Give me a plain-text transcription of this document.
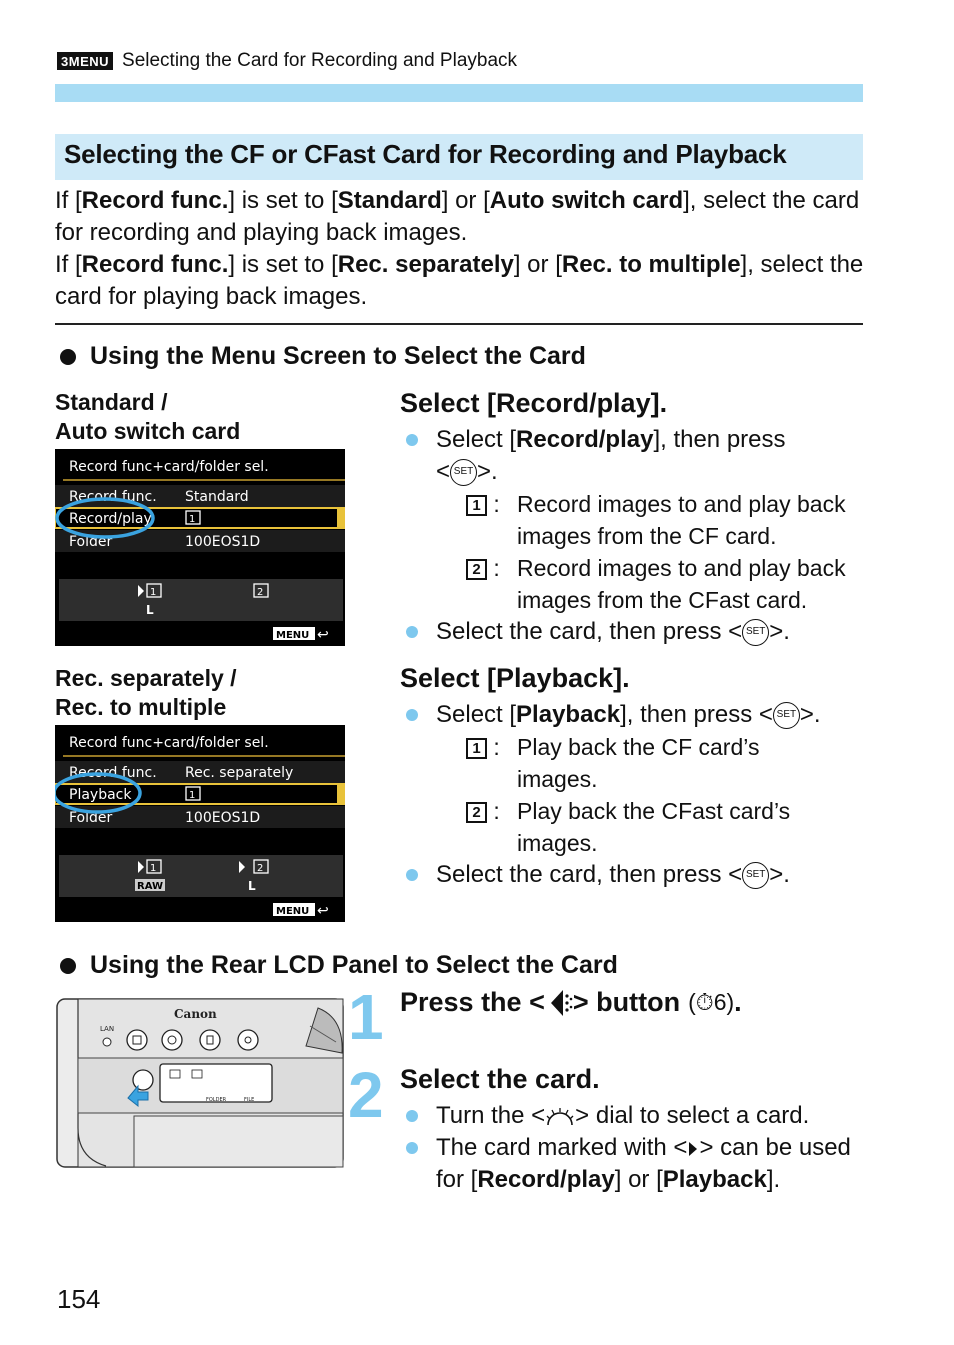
3MENU Selecting the Card for Recording and Playback
Selecting the CF or CFast Card for Recording and Playback
If [Record func.] is set to [Standard] or [Auto switch card], select the card for recording and playing back images.
If [Record func.] is set to [Rec. separately] or [Rec. to multiple], select the card for playing back images.
Using the Menu Screen to Select the Card
Standard /
Auto switch card
Record func+card/folder sel.
Record func. Standard
Record/play	1
Folder	100EOS1D
1
L
2
MENU ↩
Rec. separately /
Rec. to multiple
Record func+card/folder sel.
Record func. Rec. separately
Playback	1
Folder	100EOS1D
1
RAW
2
L
MENU ↩
Select [Record/play].
Select [Record/play], then press
< SET >.
1 : Record images to and play back
images from the CF card.
2 : Record images to and play back
images from the CFast card.
Select the card, then press < SET >.
Select [Playback].
Select [Playback], then press < SET >.
1 : Play back the CF card’s
images.
2 : Play back the CFast card’s
images.
Select the card, then press < SET >.
Using the Rear LCD Panel to Select the Card
Canon
LAN
FOLDER	FILE
1 Press the < > button (⏱6) .
2 Select the card.
Turn the < > dial to select a card.
The card marked with < > can be used for [Record/play] or [Playback].
154
